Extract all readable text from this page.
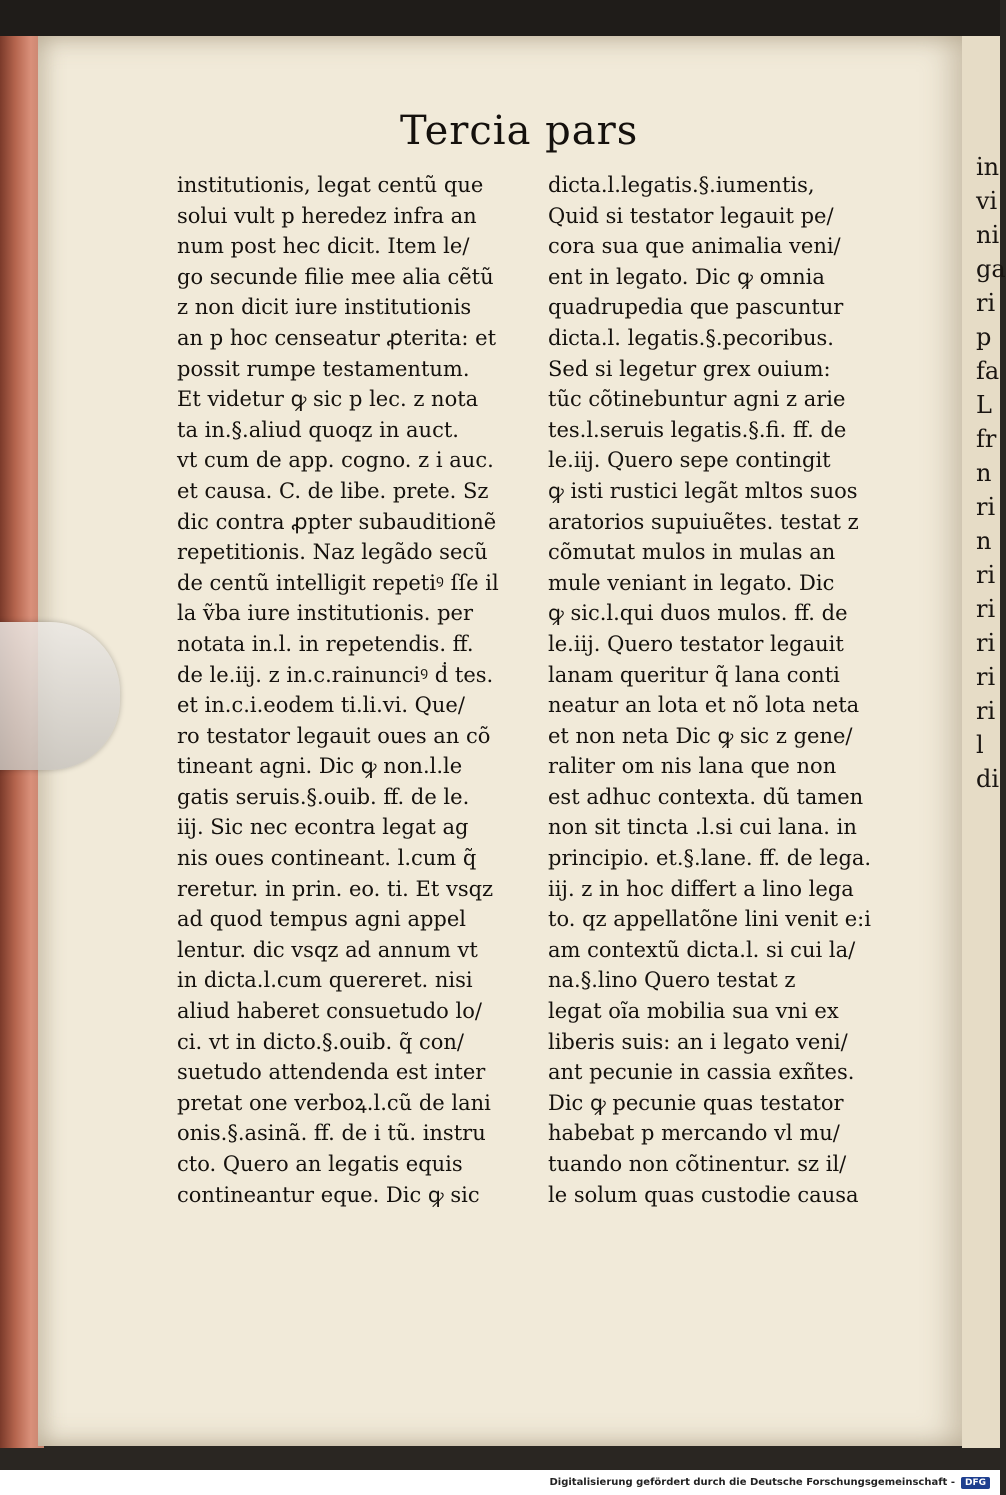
in
vi
ni
ga
ri
p
fa
L
fr
n
ri
n
ri
ri
ri
ri
ri
l
di
Tercia pars
institutionis, legat centũ que
solui vult p heredez infra an
num post hec dicit. Item le/
go secunde filie mee alia cẽtũ
z non dicit iure institutionis
an p hoc censeatur ꝓterita: et
possit rumpe testamentum.
Et videtur ꝙ sic p lec. z nota
ta in.§.aliud quoqz in auct.
vt cum de app. cogno. z i auc.
et causa. C. de libe. prete. Sz
dic contra ꝓpter subauditionẽ
repetitionis. Naz legãdo secũ
de centũ intelligit repetiꝰ ſſe il
la ṽba iure institutionis. per
notata in.l. in repetendis. ff.
de le.iij. z in.c.rainunciꝰ ḋ tes.
et in.c.i.eodem ti.li.vi. Que/
ro testator legauit oues an cõ
tineant agni. Dic ꝙ non.l.le
gatis seruis.§.ouib. ff. de le.
iij. Sic nec econtra legat ag
nis oues contineant. l.cum q̃
reretur. in prin. eo. ti. Et vsqz
ad quod tempus agni appel
lentur. dic vsqz ad annum vt
in dicta.l.cum quereret. nisi
aliud haberet consuetudo lo/
ci. vt in dicto.§.ouib. q̃ con/
suetudo attendenda est inter
pretat one verboꝝ.l.cũ de lani
onis.§.asinã. ff. de i tũ. instru
cto. Quero an legatis equis
contineantur eque. Dic ꝙ sic
dicta.l.legatis.§.iumentis,
Quid si testator legauit pe/
cora sua que animalia veni/
ent in legato. Dic ꝙ omnia
quadrupedia que pascuntur
dicta.l. legatis.§.pecoribus.
Sed si legetur grex ouium:
tũc cõtinebuntur agni z arie
tes.l.seruis legatis.§.fi. ff. de
le.iij. Quero sepe contingit
ꝙ isti rustici legãt mltos suos
aratorios supuiuẽtes. testat z
cõmutat mulos in mulas an
mule veniant in legato. Dic
ꝙ sic.l.qui duos mulos. ff. de
le.iij. Quero testator legauit
lanam queritur q̃ lana conti
neatur an lota et nõ lota neta
et non neta Dic ꝙ sic z gene/
raliter om nis lana que non
est adhuc contexta. dũ tamen
non sit tincta .l.si cui lana. in
principio. et.§.lane. ff. de lega.
iij. z in hoc differt a lino lega
to. qz appellatõne lini venit e:i
am contextũ dicta.l. si cui la/
na.§.lino Quero testat z
legat oĩa mobilia sua vni ex
liberis suis: an i legato veni/
ant pecunie in cassia exñtes.
Dic ꝙ pecunie quas testator
habebat p mercando vl mu/
tuando non cõtinentur. sz il/
le solum quas custodie causa
Digitalisierung gefördert durch die Deutsche Forschungsgemeinschaft -	DFG
